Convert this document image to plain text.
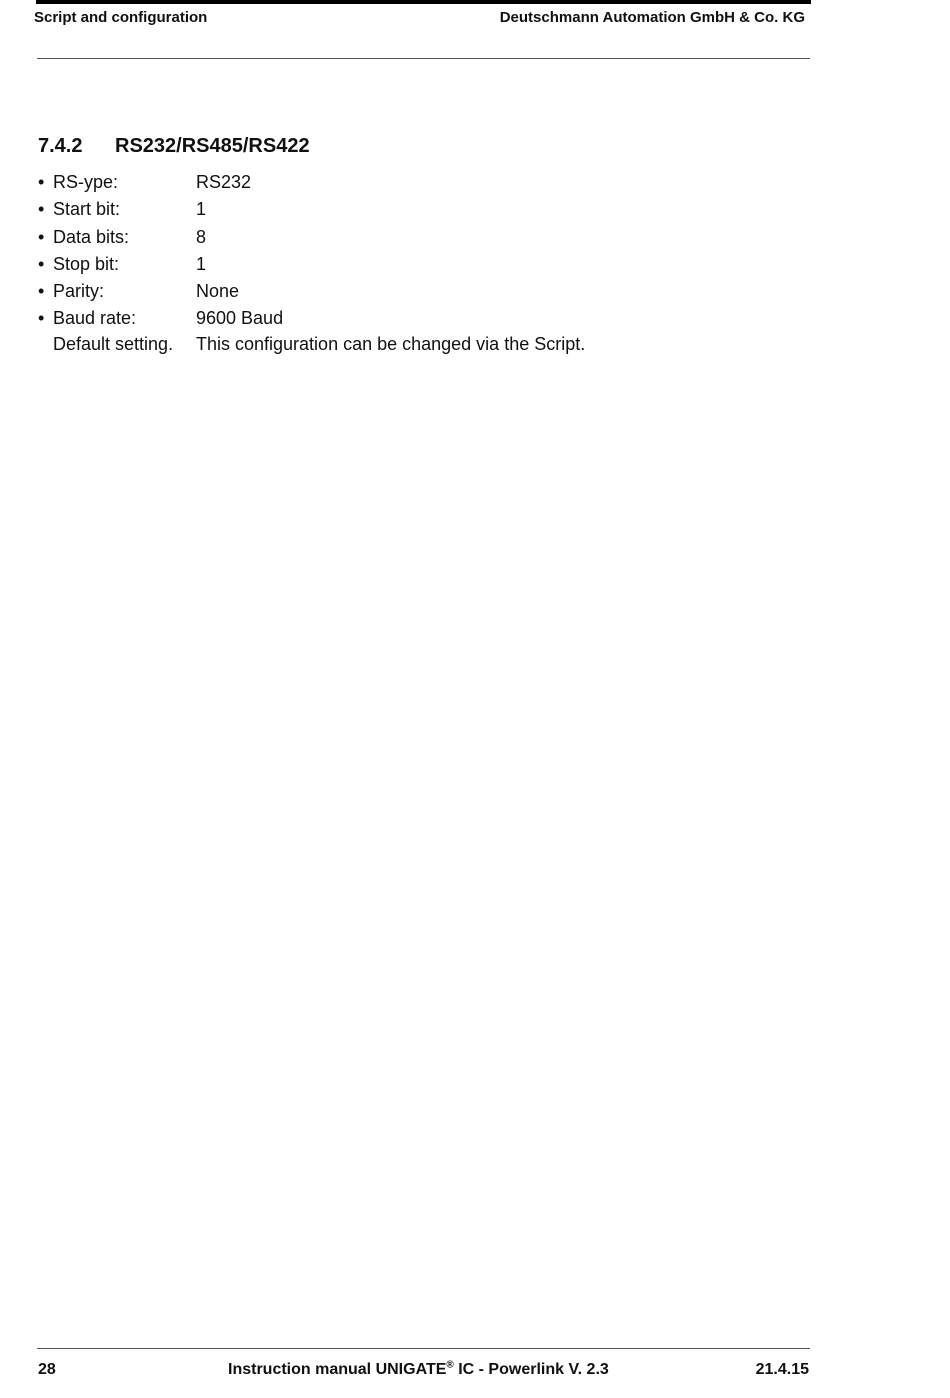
Script and configuration	Deutschmann Automation GmbH & Co. KG
7.4.2 RS232/RS485/RS422
• RS-ype:	RS232
• Start bit:	1
• Data bits:	8
• Stop bit:	1
• Parity:	None
• Baud rate:	9600 Baud
Default setting. This configuration can be changed via the Script.
28	Instruction manual UNIGATE® IC - Powerlink V. 2.3	21.4.15
